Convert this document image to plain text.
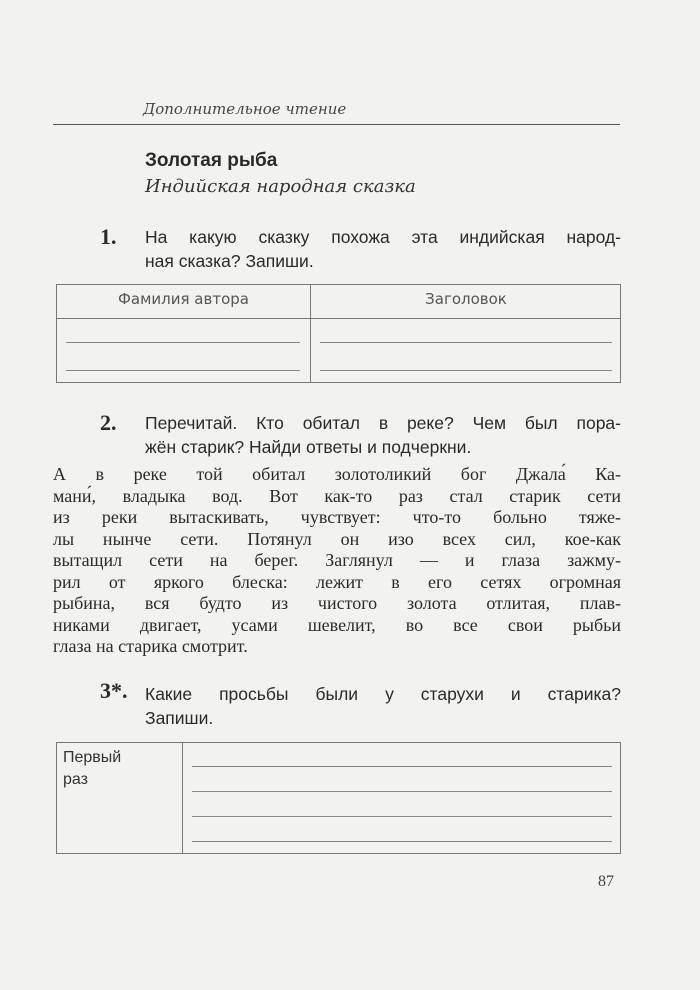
Дополнительное чтение
Золотая рыба
Индийская народная сказка
1. На какую сказку похожа эта индийская народ-
ная сказка? Запиши.
Фамилия автора	Заголовок
2. Перечитай. Кто обитал в реке? Чем был пора-
жён старик? Найди ответы и подчеркни.
А в реке той обитал золотоликий бог Джала́ Ка-
мани́, владыка вод. Вот как-то раз стал старик сети
из реки вытаскивать, чувствует: что-то больно тяже-
лы нынче сети. Потянул он изо всех сил, кое-как
вытащил сети на берег. Заглянул — и глаза зажму-
рил от яркого блеска: лежит в его сетях огромная
рыбина, вся будто из чистого золота отлитая, плав-
никами двигает, усами шевелит, во все свои рыбьи
глаза на старика смотрит.
3*. Какие просьбы были у старухи и старика?
Запиши.
Первый
раз
87
